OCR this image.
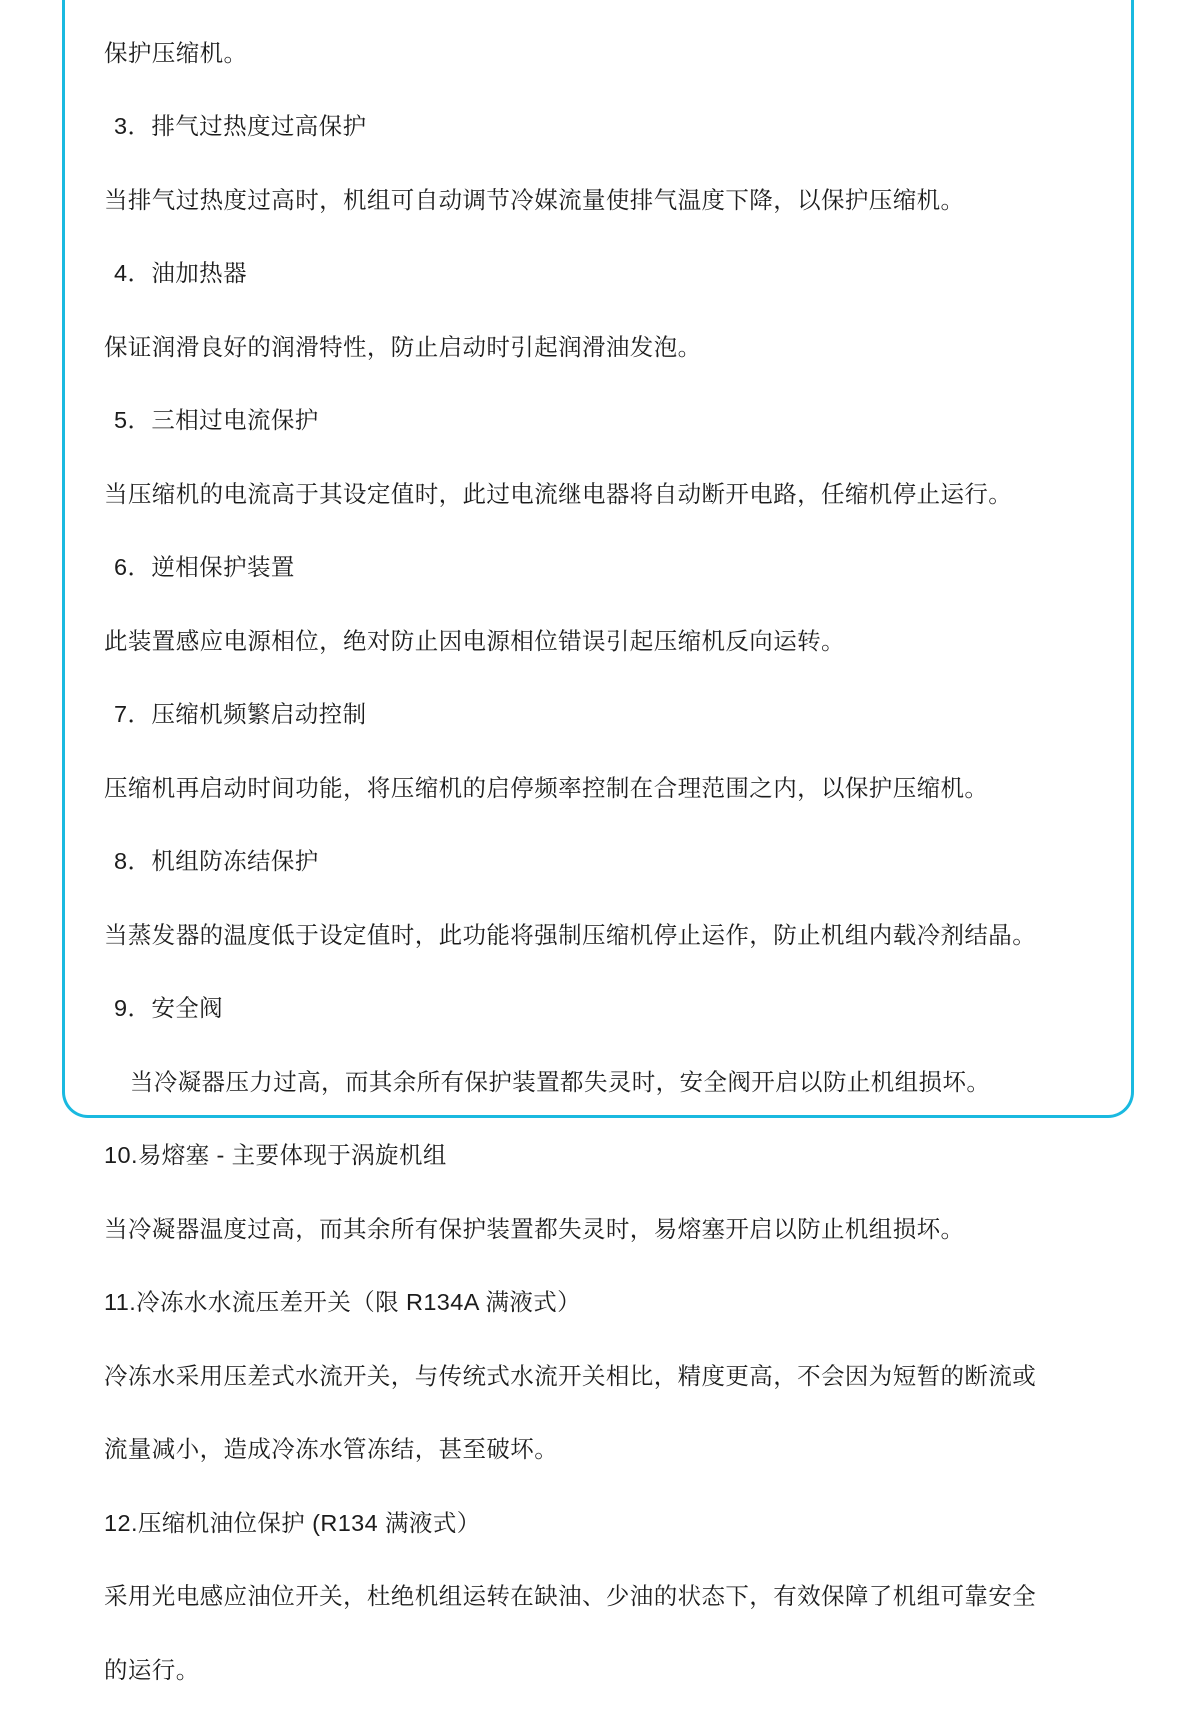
保护压缩机。

3．排气过热度过高保护

当排气过热度过高时，机组可自动调节冷媒流量使排气温度下降，以保护压缩机。

4．油加热器

保证润滑良好的润滑特性，防止启动时引起润滑油发泡。

5．三相过电流保护

当压缩机的电流高于其设定值时，此过电流继电器将自动断开电路，任缩机停止运行。

6．逆相保护装置

此装置感应电源相位，绝对防止因电源相位错误引起压缩机反向运转。

7．压缩机频繁启动控制

压缩机再启动时间功能，将压缩机的启停频率控制在合理范围之内，以保护压缩机。

8．机组防冻结保护

当蒸发器的温度低于设定值时，此功能将强制压缩机停止运作，防止机组内载冷剂结晶。

9．安全阀

当冷凝器压力过高，而其余所有保护装置都失灵时，安全阀开启以防止机组损坏。

10.易熔塞 - 主要体现于涡旋机组

当冷凝器温度过高，而其余所有保护装置都失灵时，易熔塞开启以防止机组损坏。

11.冷冻水水流压差开关（限 R134A 满液式）

冷冻水采用压差式水流开关，与传统式水流开关相比，精度更高，不会因为短暂的断流或

流量减小，造成冷冻水管冻结，甚至破坏。

12.压缩机油位保护 (R134 满液式）

采用光电感应油位开关，杜绝机组运转在缺油、少油的状态下，有效保障了机组可靠安全

的运行。
